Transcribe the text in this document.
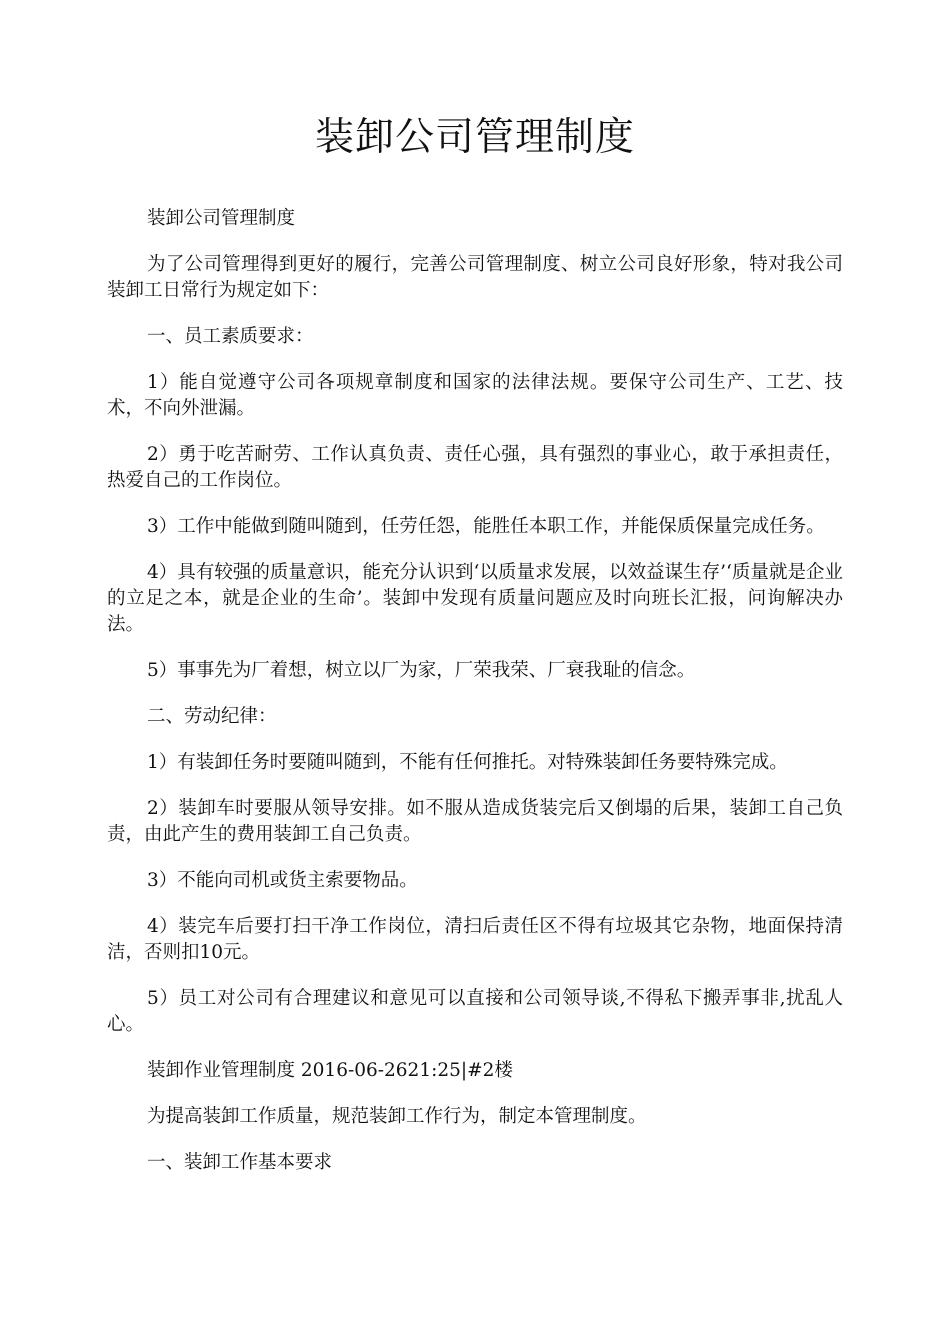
装卸公司管理制度

装卸公司管理制度

为了公司管理得到更好的履行，完善公司管理制度、树立公司良好形象，特对我公司装卸工日常行为规定如下：

一、员工素质要求：

1）能自觉遵守公司各项规章制度和国家的法律法规。要保守公司生产、工艺、技术，不向外泄漏。

2）勇于吃苦耐劳、工作认真负责、责任心强，具有强烈的事业心，敢于承担责任，热爱自己的工作岗位。

3）工作中能做到随叫随到，任劳任怨，能胜任本职工作，并能保质保量完成任务。

4）具有较强的质量意识，能充分认识到‘以质量求发展，以效益谋生存’‘质量就是企业的立足之本，就是企业的生命’。装卸中发现有质量问题应及时向班长汇报，问询解决办法。

5）事事先为厂着想，树立以厂为家，厂荣我荣、厂衰我耻的信念。

二、劳动纪律：

1）有装卸任务时要随叫随到，不能有任何推托。对特殊装卸任务要特殊完成。

2）装卸车时要服从领导安排。如不服从造成货装完后又倒塌的后果，装卸工自己负责，由此产生的费用装卸工自己负责。

3）不能向司机或货主索要物品。

4）装完车后要打扫干净工作岗位，清扫后责任区不得有垃圾其它杂物，地面保持清洁，否则扣10元。

5）员工对公司有合理建议和意见可以直接和公司领导谈,不得私下搬弄事非,扰乱人心。

装卸作业管理制度 2016-06-2621:25|#2楼

为提高装卸工作质量，规范装卸工作行为，制定本管理制度。

一、装卸工作基本要求
